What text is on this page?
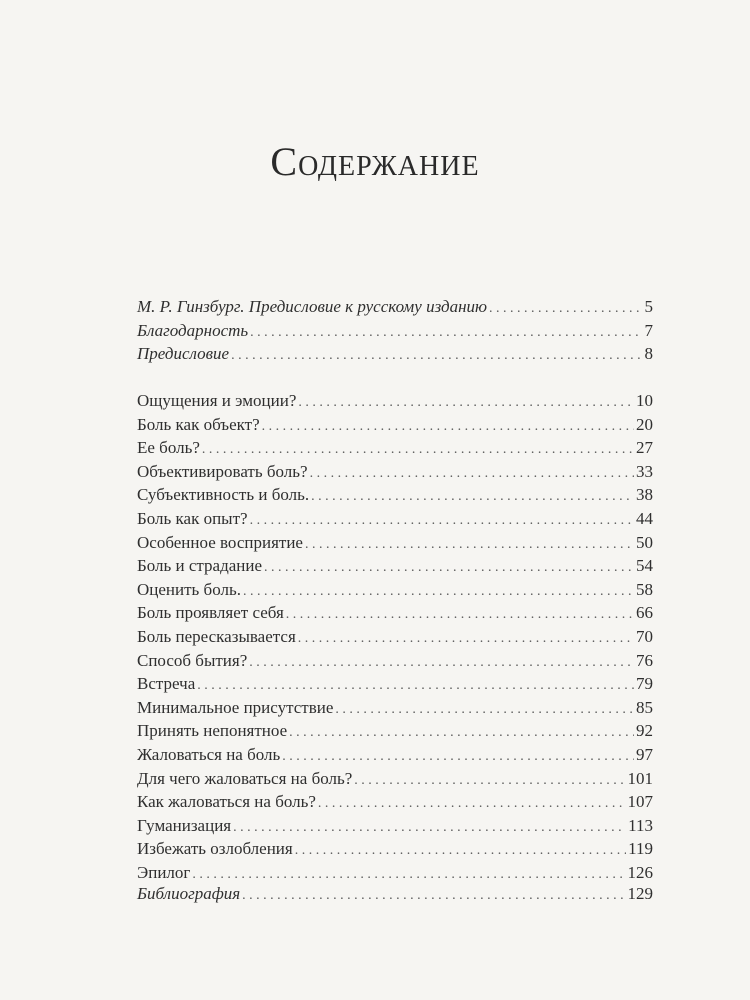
Содержание
М. Р. Гинзбург. Предисловие к русскому изданию . . .	5
Благодарность . . .	7
Предисловие . . .	8
Ощущения и эмоции? . . .	10
Боль как объект? . . .	20
Ее боль? . . .	27
Объективировать боль? . . .	33
Субъективность и боль. . . .	38
Боль как опыт? . . .	44
Особенное восприятие . . .	50
Боль и страдание . . .	54
Оценить боль. . . .	58
Боль проявляет себя . . .	66
Боль пересказывается . . .	70
Способ бытия? . . .	76
Встреча . . .	79
Минимальное присутствие . . .	85
Принять непонятное . . .	92
Жаловаться на боль . . .	97
Для чего жаловаться на боль? . . .	101
Как жаловаться на боль? . . .	107
Гуманизация . . .	113
Избежать озлобления . . .	119
Эпилог . . .	126
Библиография . . .	129
